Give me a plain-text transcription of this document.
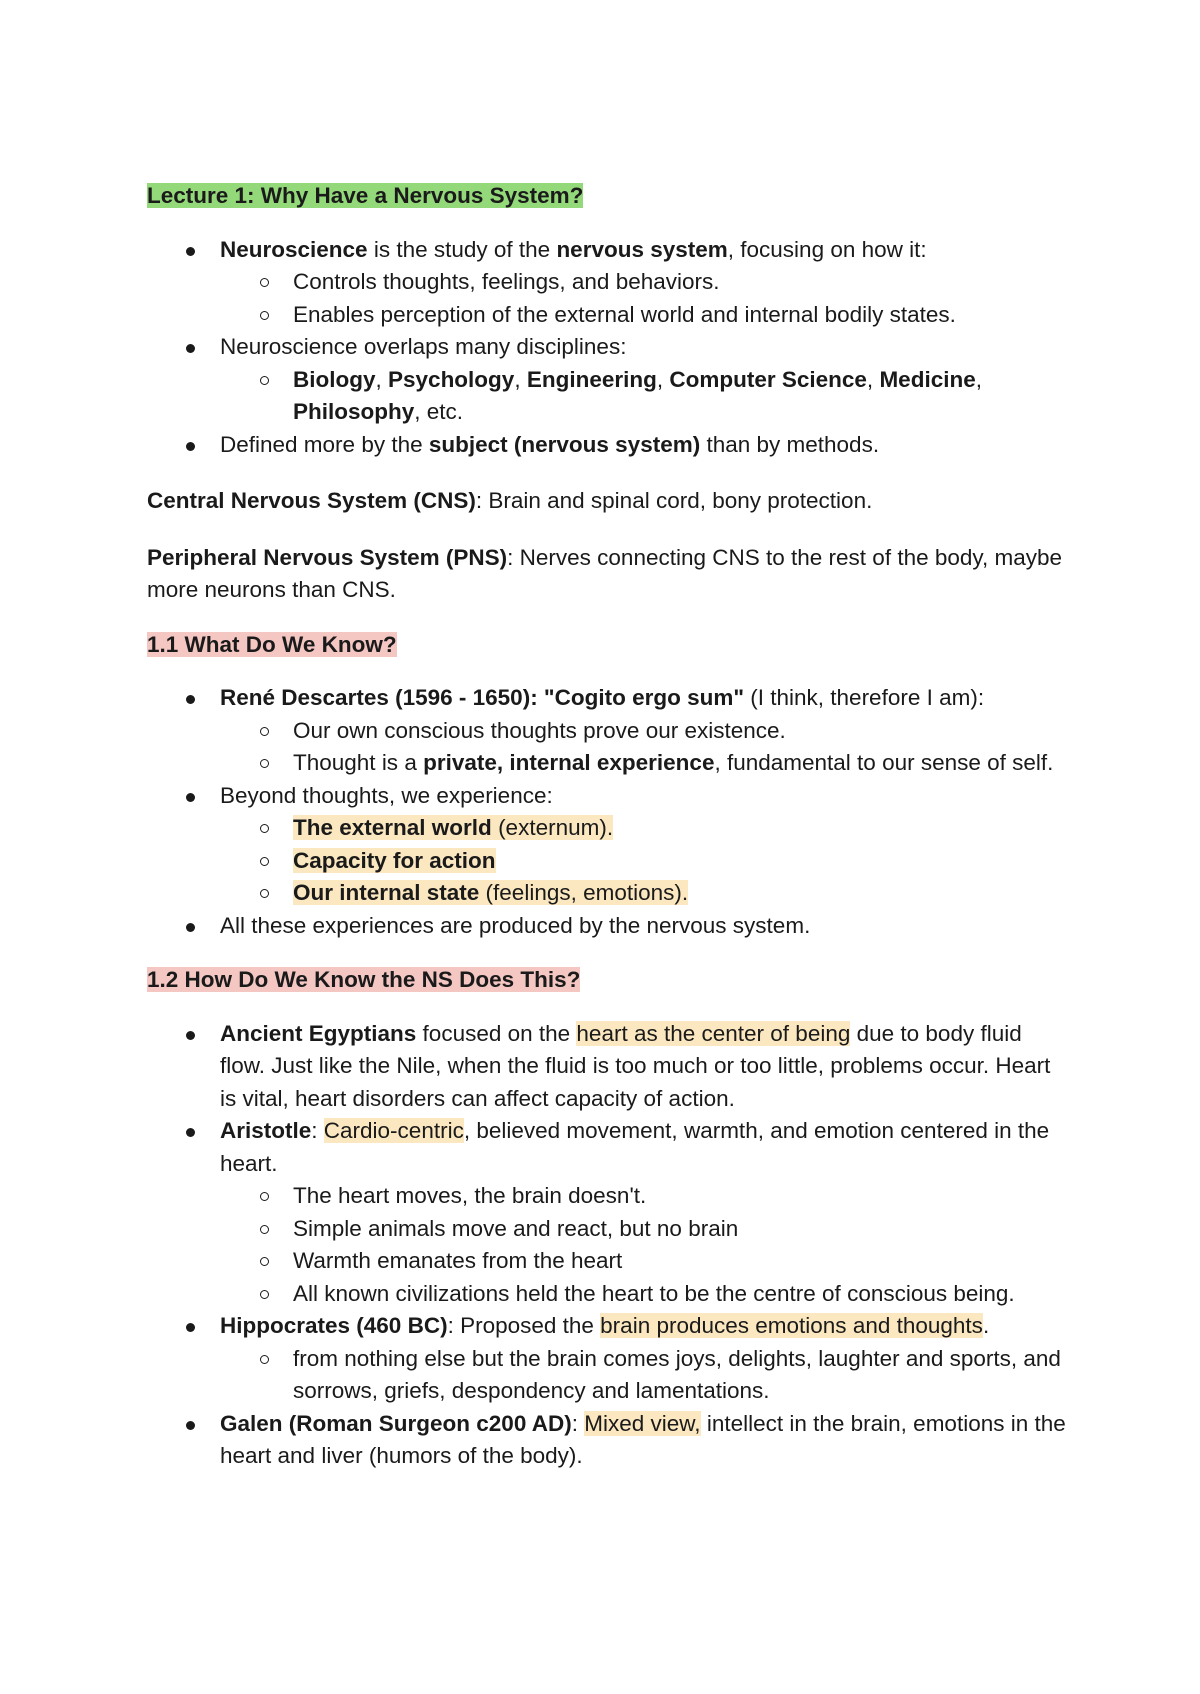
Lecture 1: Why Have a Nervous System?

Neuroscience is the study of the nervous system, focusing on how it:
Controls thoughts, feelings, and behaviors.
Enables perception of the external world and internal bodily states.
Neuroscience overlaps many disciplines:
Biology, Psychology, Engineering, Computer Science, Medicine, Philosophy, etc.
Defined more by the subject (nervous system) than by methods.

Central Nervous System (CNS): Brain and spinal cord, bony protection.

Peripheral Nervous System (PNS): Nerves connecting CNS to the rest of the body, maybe more neurons than CNS.

1.1 What Do We Know?

René Descartes (1596 - 1650): "Cogito ergo sum" (I think, therefore I am):
Our own conscious thoughts prove our existence.
Thought is a private, internal experience, fundamental to our sense of self.
Beyond thoughts, we experience:
The external world (externum).
Capacity for action
Our internal state (feelings, emotions).
All these experiences are produced by the nervous system.

1.2 How Do We Know the NS Does This?

Ancient Egyptians focused on the heart as the center of being due to body fluid flow. Just like the Nile, when the fluid is too much or too little, problems occur. Heart is vital, heart disorders can affect capacity of action.
Aristotle: Cardio-centric, believed movement, warmth, and emotion centered in the heart.
The heart moves, the brain doesn't.
Simple animals move and react, but no brain
Warmth emanates from the heart
All known civilizations held the heart to be the centre of conscious being.
Hippocrates (460 BC): Proposed the brain produces emotions and thoughts.
from nothing else but the brain comes joys, delights, laughter and sports, and sorrows, griefs, despondency and lamentations.
Galen (Roman Surgeon c200 AD): Mixed view, intellect in the brain, emotions in the heart and liver (humors of the body).
